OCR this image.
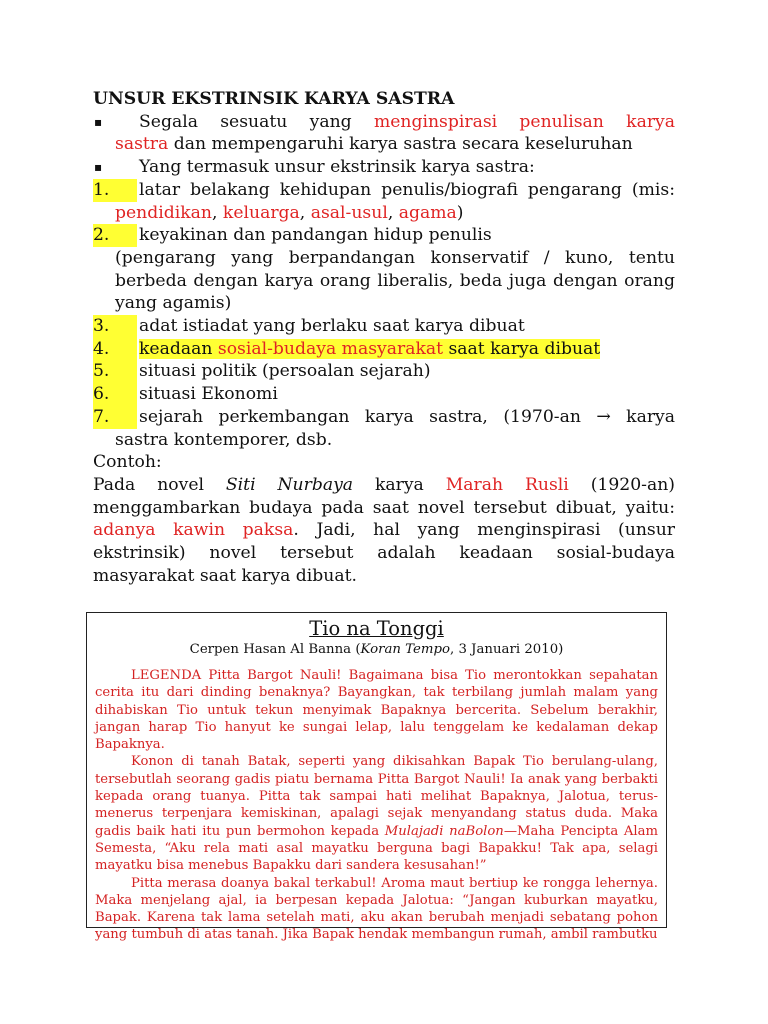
UNSUR EKSTRINSIK KARYA SASTRA
▪ Segala sesuatu yang menginspirasi penulisan karya
sastra dan mempengaruhi karya sastra secara keseluruhan
▪ Yang termasuk unsur ekstrinsik karya sastra:
1.	latar belakang kehidupan penulis/biografi pengarang (mis:
pendidikan, keluarga, asal-usul, agama)
2.	keyakinan dan pandangan hidup penulis
(pengarang yang berpandangan konservatif / kuno, tentu berbeda dengan karya orang liberalis, beda juga dengan orang yang agamis)
3.	adat istiadat yang berlaku saat karya dibuat
4.	keadaan sosial-budaya masyarakat saat karya dibuat
5.	situasi politik (persoalan sejarah)
6.	situasi Ekonomi
7.	sejarah perkembangan karya sastra, (1970-an → karya
sastra kontemporer, dsb.
Contoh:
Pada novel Siti Nurbaya karya Marah Rusli (1920-an) menggambarkan budaya pada saat novel tersebut dibuat, yaitu: adanya kawin paksa. Jadi, hal yang menginspirasi (unsur ekstrinsik) novel tersebut adalah keadaan sosial-budaya masyarakat saat karya dibuat.
Tio na Tonggi
Cerpen Hasan Al Banna (Koran Tempo, 3 Januari 2010)

LEGENDA Pitta Bargot Nauli! Bagaimana bisa Tio merontokkan sepahatan cerita itu dari dinding benaknya? Bayangkan, tak terbilang jumlah malam yang dihabiskan Tio untuk tekun menyimak Bapaknya bercerita. Sebelum berakhir, jangan harap Tio hanyut ke sungai lelap, lalu tenggelam ke kedalaman dekap Bapaknya.

Konon di tanah Batak, seperti yang dikisahkan Bapak Tio berulang-ulang, tersebutlah seorang gadis piatu bernama Pitta Bargot Nauli! Ia anak yang berbakti kepada orang tuanya. Pitta tak sampai hati melihat Bapaknya, Jalotua, terus-menerus terpenjara kemiskinan, apalagi sejak menyandang status duda. Maka gadis baik hati itu pun bermohon kepada Mulajadi naBolon—Maha Pencipta Alam Semesta, “Aku rela mati asal mayatku berguna bagi Bapakku! Tak apa, selagi mayatku bisa menebus Bapakku dari sandera kesusahan!”

Pitta merasa doanya bakal terkabul! Aroma maut bertiup ke rongga lehernya. Maka menjelang ajal, ia berpesan kepada Jalotua: “Jangan kuburkan mayatku, Bapak. Karena tak lama setelah mati, aku akan berubah menjadi sebatang pohon yang tumbuh di atas tanah. Jika Bapak hendak membangun rumah, ambil rambutku
